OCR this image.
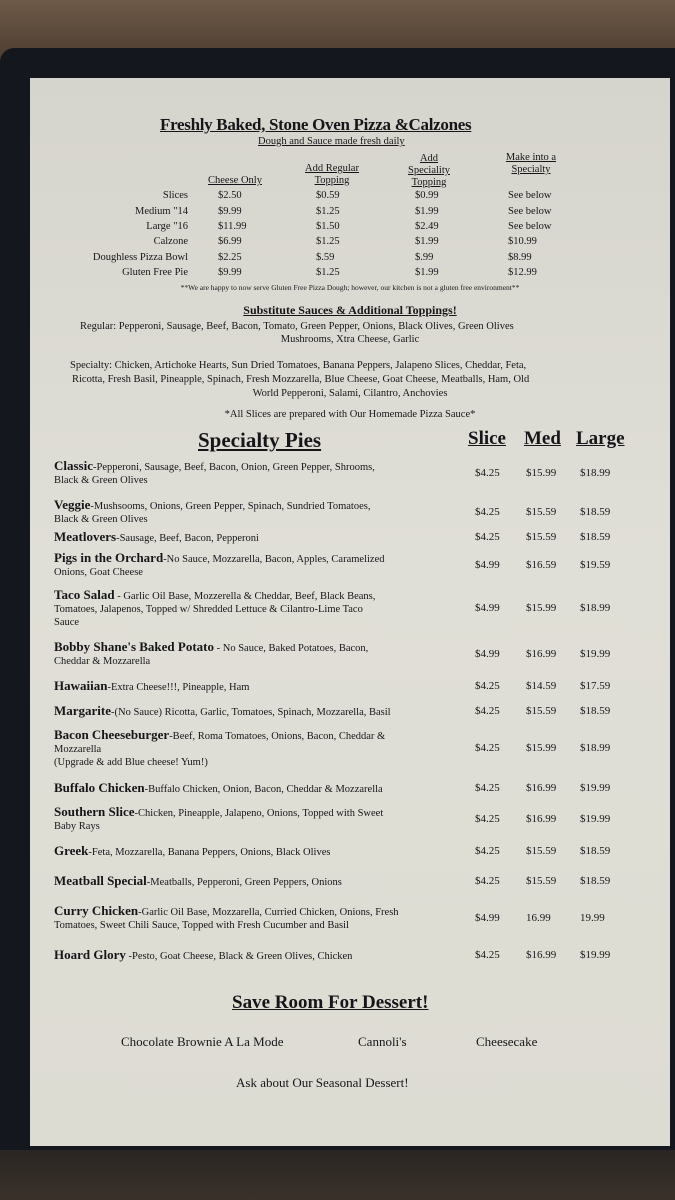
Freshly Baked, Stone Oven Pizza &Calzones
Dough and Sauce made fresh daily
Cheese Only
Add Regular Topping
Add Speciality Topping
Make into a Specialty
Slices	$2.50	$0.59	$0.99	See below
Medium "14	$9.99	$1.25	$1.99	See below
Large "16	$11.99	$1.50	$2.49	See below
Calzone	$6.99	$1.25	$1.99	$10.99
Doughless Pizza Bowl	$2.25	$.59	$.99	$8.99
Gluten Free Pie	$9.99	$1.25	$1.99	$12.99
**We are happy to now serve Gluten Free Pizza Dough; however, our kitchen is not a gluten free environment**
Substitute Sauces & Additional Toppings!
Regular: Pepperoni, Sausage, Beef, Bacon, Tomato, Green Pepper, Onions, Black Olives, Green Olives
Mushrooms, Xtra Cheese, Garlic
Specialty: Chicken, Artichoke Hearts, Sun Dried Tomatoes, Banana Peppers, Jalapeno Slices, Cheddar, Feta,
Ricotta, Fresh Basil, Pineapple, Spinach, Fresh Mozzarella, Blue Cheese, Goat Cheese, Meatballs, Ham, Old
World Pepperoni, Salami, Cilantro, Anchovies
*All Slices are prepared with Our Homemade Pizza Sauce*
Specialty Pies	Slice Med Large
Classic-Pepperoni, Sausage, Beef, Bacon, Onion, Green Pepper, Shrooms,
Black & Green Olives
$4.25 $15.99 $18.99
Veggie-Mushsooms, Onions, Green Pepper, Spinach, Sundried Tomatoes,
Black & Green Olives
$4.25 $15.59 $18.59
Meatlovers-Sausage, Beef, Bacon, Pepperoni	$4.25 $15.59 $18.59
Pigs in the Orchard-No Sauce, Mozzarella, Bacon, Apples, Caramelized
Onions, Goat Cheese
$4.99 $16.59 $19.59
Taco Salad - Garlic Oil Base, Mozzerella & Cheddar, Beef, Black Beans,
Tomatoes, Jalapenos, Topped w/ Shredded Lettuce & Cilantro-Lime Taco
Sauce
$4.99 $15.99 $18.99
Bobby Shane's Baked Potato - No Sauce, Baked Potatoes, Bacon,
Cheddar & Mozzarella
$4.99 $16.99 $19.99
Hawaiian-Extra Cheese!!!, Pineapple, Ham	$4.25 $14.59 $17.59
Margarite-(No Sauce) Ricotta, Garlic, Tomatoes, Spinach, Mozzarella, Basil	$4.25 $15.59 $18.59
Bacon Cheeseburger-Beef, Roma Tomatoes, Onions, Bacon, Cheddar &
Mozzarella
(Upgrade & add Blue cheese! Yum!)
$4.25 $15.99 $18.99
Buffalo Chicken-Buffalo Chicken, Onion, Bacon, Cheddar & Mozzarella	$4.25 $16.99 $19.99
Southern Slice-Chicken, Pineapple, Jalapeno, Onions, Topped with Sweet
Baby Rays
$4.25 $16.99 $19.99
Greek-Feta, Mozzarella, Banana Peppers, Onions, Black Olives	$4.25 $15.59 $18.59
Meatball Special-Meatballs, Pepperoni, Green Peppers, Onions	$4.25 $15.59 $18.59
Curry Chicken-Garlic Oil Base, Mozzarella, Curried Chicken, Onions, Fresh
Tomatoes, Sweet Chili Sauce, Topped with Fresh Cucumber and Basil
$4.99 16.99	19.99
Hoard Glory -Pesto, Goat Cheese, Black & Green Olives, Chicken	$4.25 $16.99 $19.99
Save Room For Dessert!
Chocolate Brownie A La Mode	Cannoli's	Cheesecake
Ask about Our Seasonal Dessert!
